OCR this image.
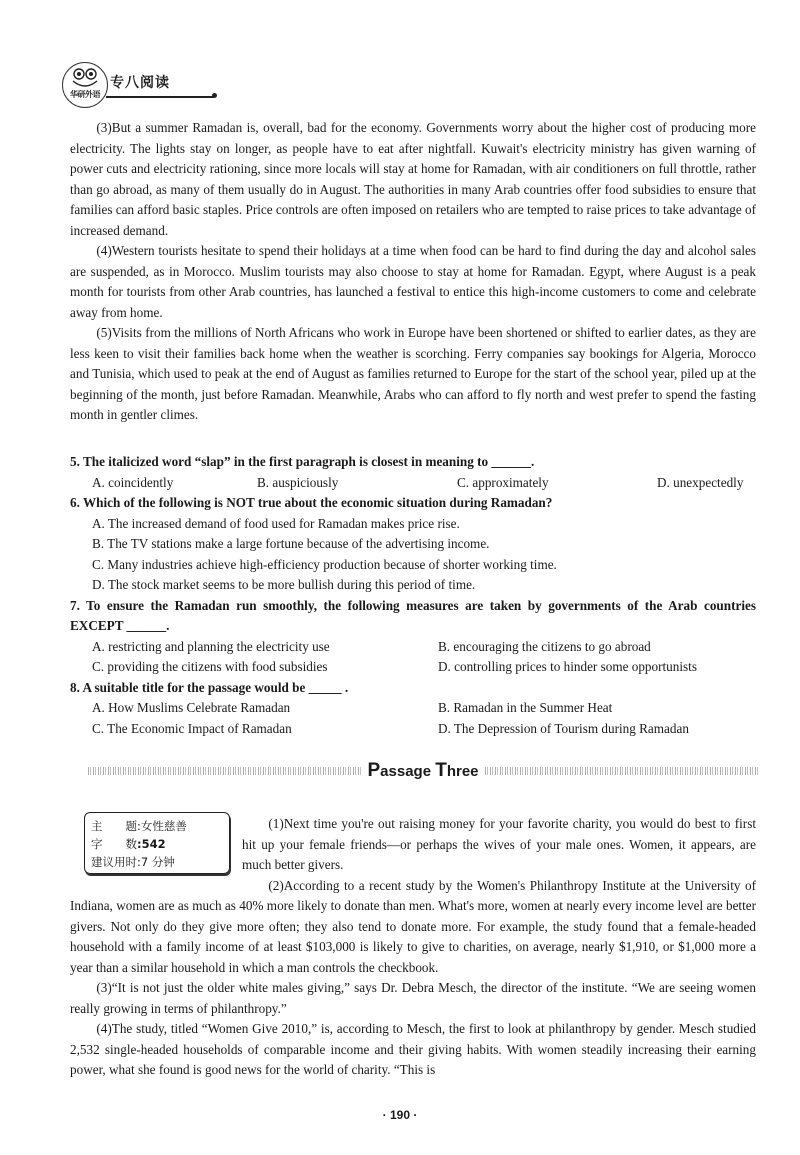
华研外语
专八阅读

(3)But a summer Ramadan is, overall, bad for the economy. Governments worry about the higher cost of producing more electricity. The lights stay on longer, as people have to eat after nightfall. Kuwait's electricity ministry has given warning of power cuts and electricity rationing, since more locals will stay at home for Ramadan, with air conditioners on full throttle, rather than go abroad, as many of them usually do in August. The authorities in many Arab countries offer food subsidies to ensure that families can afford basic staples. Price controls are often imposed on retailers who are tempted to raise prices to take advantage of increased demand.

(4)Western tourists hesitate to spend their holidays at a time when food can be hard to find during the day and alcohol sales are suspended, as in Morocco. Muslim tourists may also choose to stay at home for Ramadan. Egypt, where August is a peak month for tourists from other Arab countries, has launched a festival to entice this high-income customers to come and celebrate away from home.

(5)Visits from the millions of North Africans who work in Europe have been shortened or shifted to earlier dates, as they are less keen to visit their families back home when the weather is scorching. Ferry companies say bookings for Algeria, Morocco and Tunisia, which used to peak at the end of August as families returned to Europe for the start of the school year, piled up at the beginning of the month, just before Ramadan. Meanwhile, Arabs who can afford to fly north and west prefer to spend the fasting month in gentler climes.

5. The italicized word “slap” in the first paragraph is closest in meaning to ______.

A. coincidently	B. auspiciously	C. approximately	D. unexpectedly

6. Which of the following is NOT true about the economic situation during Ramadan?

A. The increased demand of food used for Ramadan makes price rise.

B. The TV stations make a large fortune because of the advertising income.

C. Many industries achieve high-efficiency production because of shorter working time.

D. The stock market seems to be more bullish during this period of time.

7. To ensure the Ramadan run smoothly, the following measures are taken by governments of the Arab countries EXCEPT ______.

A. restricting and planning the electricity use	B. encouraging the citizens to go abroad
C. providing the citizens with food subsidies	D. controlling prices to hinder some opportunists

8. A suitable title for the passage would be _____ .

A. How Muslims Celebrate Ramadan	B. Ramadan in the Summer Heat
C. The Economic Impact of Ramadan	D. The Depression of Tourism during Ramadan
Passage Three
主　　题 :女性慈善
字　　数 :542
建议用时 :7 分钟

(1)Next time you're out raising money for your favorite charity, you would do best to first hit up your female friends—or perhaps the wives of your male ones. Women, it appears, are much better givers.

(2)According to a recent study by the Women's Philanthropy Institute at the University of Indiana, women are as much as 40% more likely to donate than men. What's more, women at nearly every income level are better givers. Not only do they give more often; they also tend to donate more. For example, the study found that a female-headed household with a family income of at least $103,000 is likely to give to charities, on average, nearly $1,910, or $1,000 more a year than a similar household in which a man controls the checkbook.

(3)“It is not just the older white males giving,” says Dr. Debra Mesch, the director of the institute. “We are seeing women really growing in terms of philanthropy.”

(4)The study, titled “Women Give 2010,” is, according to Mesch, the first to look at philanthropy by gender. Mesch studied 2,532 single-headed households of comparable income and their giving habits. With women steadily increasing their earning power, what she found is good news for the world of charity. “This is

· 190 ·
